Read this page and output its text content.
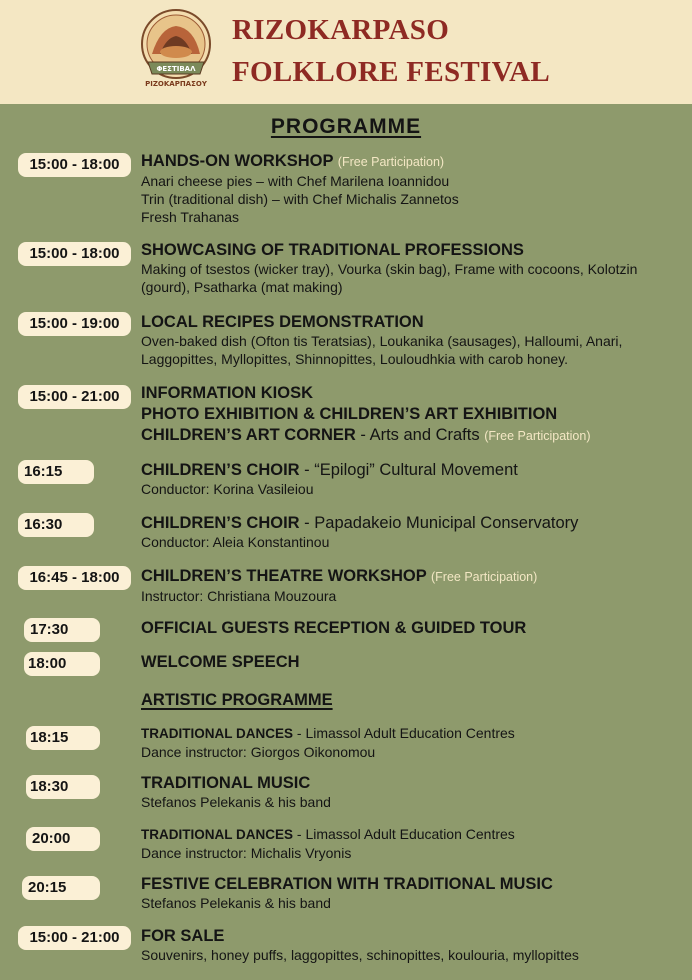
ΦΕΣΤΙΒΑΛ
ΡΙΖΟΚΑΡΠΑΣΟΥ
RIZOKARPASO
FOLKLORE FESTIVAL
PROGRAMME
15:00 - 18:00	HANDS-ON WORKSHOP (Free Participation)
Anari cheese pies – with Chef Marilena Ioannidou
Trin (traditional dish) – with Chef Michalis Zannetos
Fresh Trahanas
15:00 - 18:00	SHOWCASING OF TRADITIONAL PROFESSIONS
Making of tsestos (wicker tray), Vourka (skin bag), Frame with cocoons, Kolotzin
(gourd), Psatharka (mat making)
15:00 - 19:00	LOCAL RECIPES DEMONSTRATION
Oven-baked dish (Ofton tis Teratsias), Loukanika (sausages), Halloumi, Anari,
Laggopittes, Myllopittes, Shinnopittes, Louloudhkia with carob honey.
15:00 - 21:00	INFORMATION KIOSK
PHOTO EXHIBITION & CHILDREN’S ART EXHIBITION
CHILDREN’S ART CORNER - Arts and Crafts (Free Participation)
16:15	CHILDREN’S CHOIR - “Epilogi” Cultural Movement
Conductor: Korina Vasileiou
16:30	CHILDREN’S CHOIR - Papadakeio Municipal Conservatory
Conductor: Aleia Konstantinou
16:45 - 18:00	CHILDREN’S THEATRE WORKSHOP (Free Participation)
Instructor: Christiana Mouzoura
17:30	OFFICIAL GUESTS RECEPTION & GUIDED TOUR
18:00	WELCOME SPEECH
ARTISTIC PROGRAMME
18:15	TRADITIONAL DANCES - Limassol Adult Education Centres
Dance instructor: Giorgos Oikonomou
18:30	TRADITIONAL MUSIC
Stefanos Pelekanis & his band
20:00	TRADITIONAL DANCES - Limassol Adult Education Centres
Dance instructor: Michalis Vryonis
20:15	FESTIVE CELEBRATION WITH TRADITIONAL MUSIC
Stefanos Pelekanis & his band
15:00 - 21:00	FOR SALE
Souvenirs, honey puffs, laggopittes, schinopittes, koulouria, myllopittes
